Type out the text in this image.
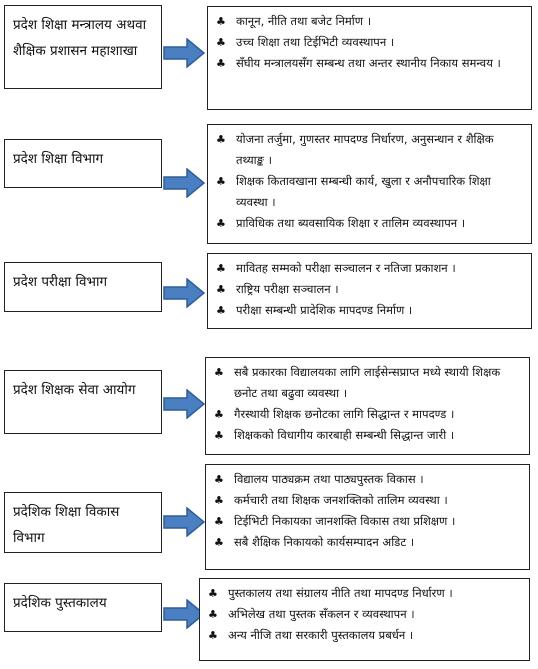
प्रदेश शिक्षा मन्त्रालय अथवा शैक्षिक प्रशासन महाशाखा
♣ कानून, नीति तथा बजेट निर्माण ।
♣ उच्च शिक्षा तथा टिईभिटी व्यवस्थापन ।
♣ सँघीय मन्त्रालयसँग सम्बन्ध तथा अन्तर स्थानीय निकाय समन्वय ।
प्रदेश शिक्षा विभाग
♣ योजना तर्जुमा, गुणस्तर मापदण्ड निर्धारण, अनुसन्धान र शैक्षिक तथ्याङ्क ।
♣ शिक्षक कितावखाना सम्बन्धी कार्य, खुला र अनौपचारिक शिक्षा व्यवस्था ।
♣ प्राविधिक तथा ब्यवसायिक शिक्षा र तालिम व्यवस्थापन ।
प्रदेश परीक्षा विभाग
♣ मावितह सम्मको परीक्षा सञ्चालन र नतिजा प्रकाशन ।
♣ राष्ट्रिय परीक्षा सञ्चालन ।
♣ परीक्षा सम्बन्धी प्रादेशिक मापदण्ड निर्माण ।
प्रदेश शिक्षक सेवा आयोग
♣ सबै प्रकारका विद्यालयका लागि लाईसेन्सप्राप्त मध्ये स्थायी शिक्षक छनोट तथा बढुवा व्यवस्था ।
♣ गैरस्थायी शिक्षक छनोटका लागि सिद्धान्त र मापदण्ड ।
♣ शिक्षकको विधागीय कारबाही सम्बन्धी सिद्धान्त जारी ।
प्रदेशिक शिक्षा विकास विभाग
♣ विद्यालय पाठ्यक्रम तथा पाठ्यपुस्तक विकास ।
♣ कर्मचारी तथा शिक्षक जनशक्तिको तालिम व्यवस्था ।
♣ टिईभिटी निकायका जानशक्ति विकास तथा प्रशिक्षण ।
♣ सबै शैक्षिक निकायको कार्यसम्पादन अडिट ।
प्रदेशिक पुस्तकालय
♣ पुस्तकालय तथा संग्रालय नीति तथा मापदण्ड निर्धारण ।
♣ अभिलेख तथा पुस्तक सँकलन र व्यवस्थापन ।
♣ अन्य नीजि तथा सरकारी पुस्तकालय प्रबर्धन ।
